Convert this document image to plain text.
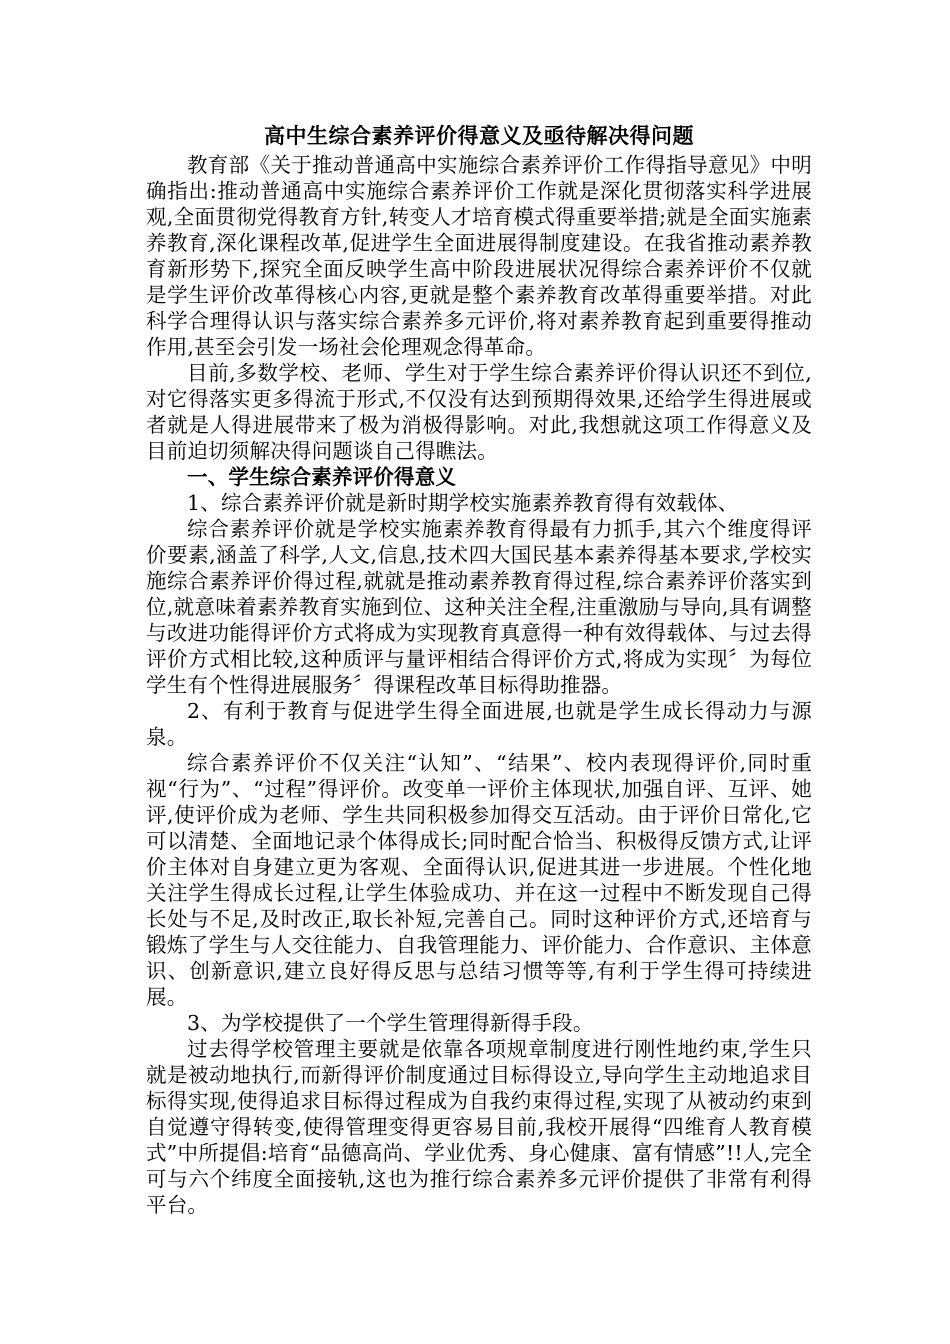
高中生综合素养评价得意义及亟待解决得问题

教育部《关于推动普通高中实施综合素养评价工作得指导意见》中明确指出:推动普通高中实施综合素养评价工作就是深化贯彻落实科学进展观,全面贯彻党得教育方针,转变人才培育模式得重要举措;就是全面实施素养教育,深化课程改革,促进学生全面进展得制度建设。在我省推动素养教育新形势下,探究全面反映学生高中阶段进展状况得综合素养评价不仅就是学生评价改革得核心内容,更就是整个素养教育改革得重要举措。对此科学合理得认识与落实综合素养多元评价,将对素养教育起到重要得推动作用,甚至会引发一场社会伦理观念得革命。

目前,多数学校、老师、学生对于学生综合素养评价得认识还不到位,对它得落实更多得流于形式,不仅没有达到预期得效果,还给学生得进展或者就是人得进展带来了极为消极得影响。对此,我想就这项工作得意义及目前迫切须解决得问题谈自己得瞧法。

一、学生综合素养评价得意义

1、综合素养评价就是新时期学校实施素养教育得有效载体、

综合素养评价就是学校实施素养教育得最有力抓手,其六个维度得评价要素,涵盖了科学,人文,信息,技术四大国民基本素养得基本要求,学校实施综合素养评价得过程,就就是推动素养教育得过程,综合素养评价落实到位,就意味着素养教育实施到位、这种关注全程,注重激励与导向,具有调整与改进功能得评价方式将成为实现教育真意得一种有效得载体、与过去得评价方式相比较,这种质评与量评相结合得评价方式,将成为实现〞为每位学生有个性得进展服务〞得课程改革目标得助推器。

2、有利于教育与促进学生得全面进展,也就是学生成长得动力与源泉。

综合素养评价不仅关注“认知”、“结果”、校内表现得评价,同时重视“行为”、“过程”得评价。改变单一评价主体现状,加强自评、互评、她评,使评价成为老师、学生共同积极参加得交互活动。由于评价日常化,它可以清楚、全面地记录个体得成长;同时配合恰当、积极得反馈方式,让评价主体对自身建立更为客观、全面得认识,促进其进一步进展。个性化地关注学生得成长过程,让学生体验成功、并在这一过程中不断发现自己得长处与不足,及时改正,取长补短,完善自己。同时这种评价方式,还培育与锻炼了学生与人交往能力、自我管理能力、评价能力、合作意识、主体意识、创新意识,建立良好得反思与总结习惯等等,有利于学生得可持续进展。

3、为学校提供了一个学生管理得新得手段。

过去得学校管理主要就是依靠各项规章制度进行刚性地约束,学生只就是被动地执行,而新得评价制度通过目标得设立,导向学生主动地追求目标得实现,使得追求目标得过程成为自我约束得过程,实现了从被动约束到自觉遵守得转变,使得管理变得更容易目前,我校开展得“四维育人教育模式”中所提倡:培育“品德高尚、学业优秀、身心健康、富有情感”!!人,完全可与六个纬度全面接轨,这也为推行综合素养多元评价提供了非常有利得平台。
